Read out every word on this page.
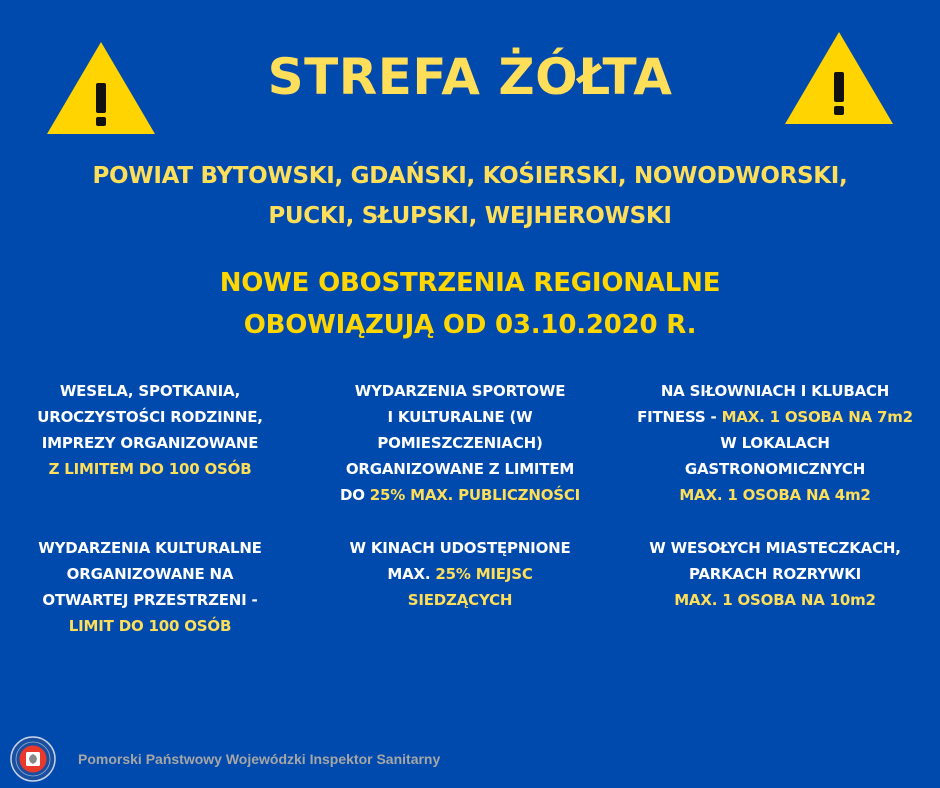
STREFA ŻÓŁTA
POWIAT BYTOWSKI, GDAŃSKI, KOŚIERSKI, NOWODWORSKI,
PUCKI, SŁUPSKI, WEJHEROWSKI
NOWE OBOSTRZENIA REGIONALNE
OBOWIĄZUJĄ OD 03.10.2020 R.
WESELA, SPOTKANIA,
UROCZYSTOŚCI RODZINNE,
IMPREZY ORGANIZOWANE
Z LIMITEM DO 100 OSÓB
WYDARZENIA SPORTOWE
I KULTURALNE (W
POMIESZCZENIACH)
ORGANIZOWANE Z LIMITEM
DO 25% MAX. PUBLICZNOŚCI
NA SIŁOWNIACH I KLUBACH
FITNESS - MAX. 1 OSOBA NA 7m2
W LOKALACH
GASTRONOMICZNYCH
MAX. 1 OSOBA NA 4m2
WYDARZENIA KULTURALNE
ORGANIZOWANE NA
OTWARTEJ PRZESTRZENI -
LIMIT DO 100 OSÓB
W KINACH UDOSTĘPNIONE
MAX. 25% MIEJSC
SIEDZĄCYCH
W WESOŁYCH MIASTECZKACH,
PARKACH ROZRYWKI
MAX. 1 OSOBA NA 10m2
Pomorski Państwowy Wojewódzki Inspektor Sanitarny
